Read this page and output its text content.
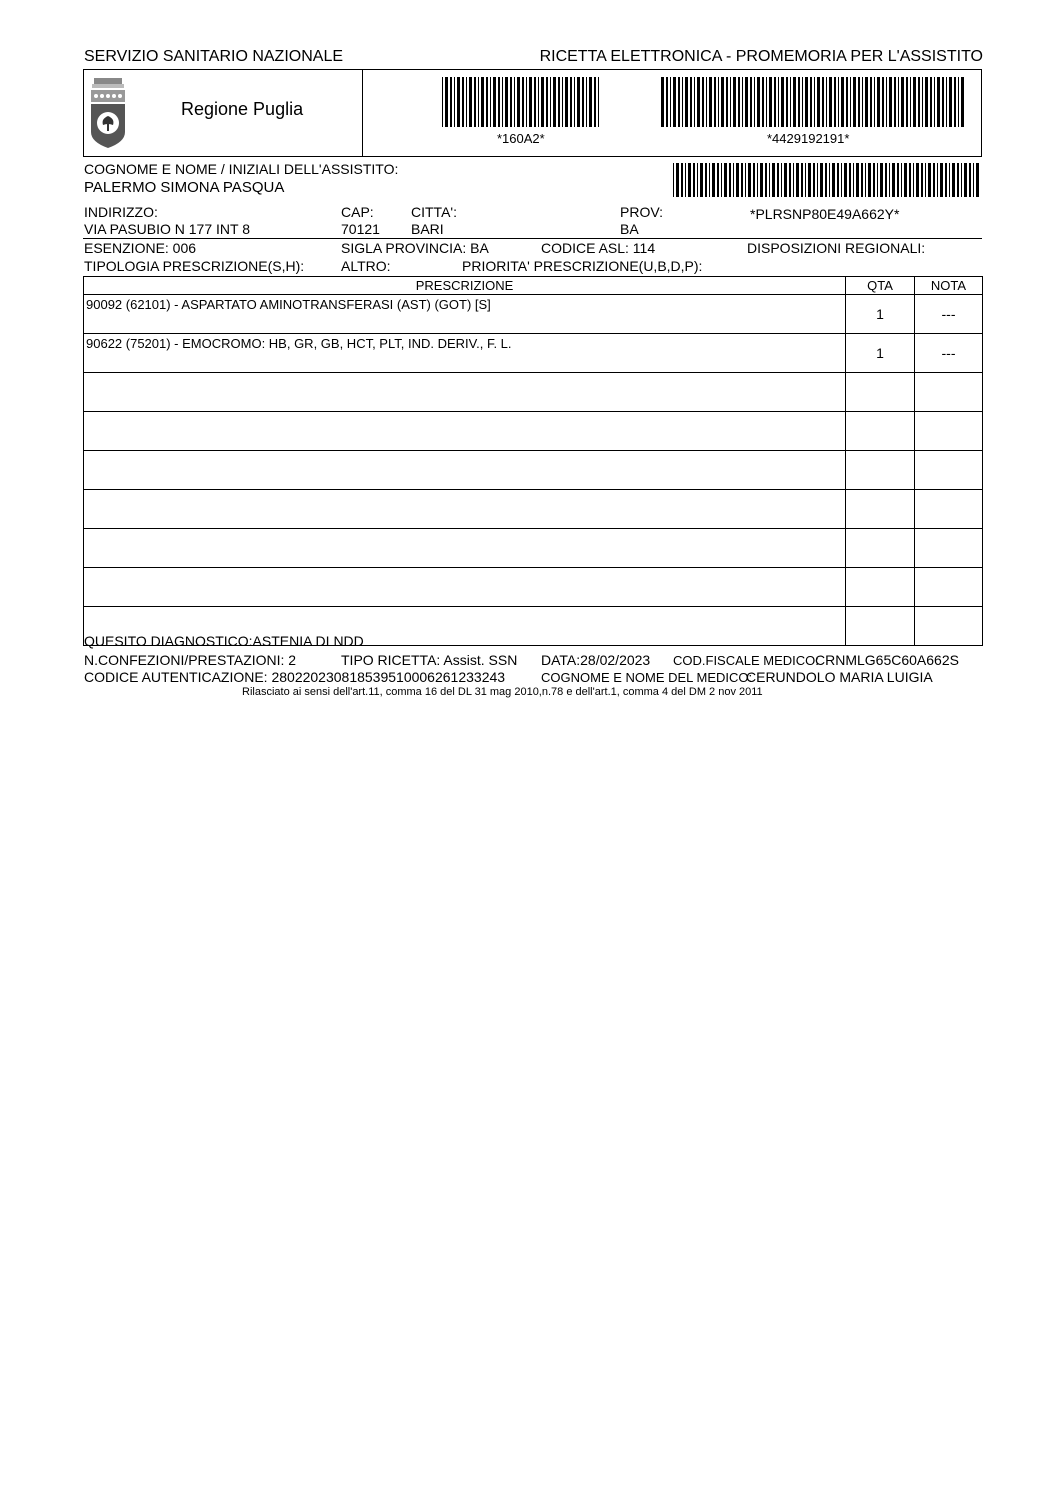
SERVIZIO SANITARIO NAZIONALE	RICETTA ELETTRONICA - PROMEMORIA PER L'ASSISTITO
Regione Puglia
*160A2*	*4429192191*
COGNOME E NOME / INIZIALI DELL'ASSISTITO:
PALERMO SIMONA PASQUA
INDIRIZZO:
VIA PASUBIO N 177 INT 8
CAP:
70121
CITTA':
BARI
PROV:
BA
*PLRSNP80E49A662Y*
ESENZIONE: 006	SIGLA PROVINCIA: BA	CODICE ASL: 114	DISPOSIZIONI REGIONALI:
TIPOLOGIA PRESCRIZIONE(S,H):	ALTRO:	PRIORITA' PRESCRIZIONE(U,B,D,P):
PRESCRIZIONE	QTA	NOTA
90092 (62101) - ASPARTATO AMINOTRANSFERASI (AST) (GOT) [S]	1	---
90622 (75201) - EMOCROMO: HB, GR, GB, HCT, PLT, IND. DERIV., F. L.	1	---

QUESITO DIAGNOSTICO:ASTENIA DI NDD
N.CONFEZIONI/PRESTAZIONI: 2	TIPO RICETTA: Assist. SSN DATA:28/02/2023 COD.FISCALE MEDICO:
CRNMLG65C60A662S
CODICE AUTENTICAZIONE: 280220230818539510006261233243	COGNOME E NOME DEL MEDICO:
CERUNDOLO MARIA LUIGIA
Rilasciato ai sensi dell'art.11, comma 16 del DL 31 mag 2010,n.78 e dell'art.1, comma 4 del DM 2 nov 2011
